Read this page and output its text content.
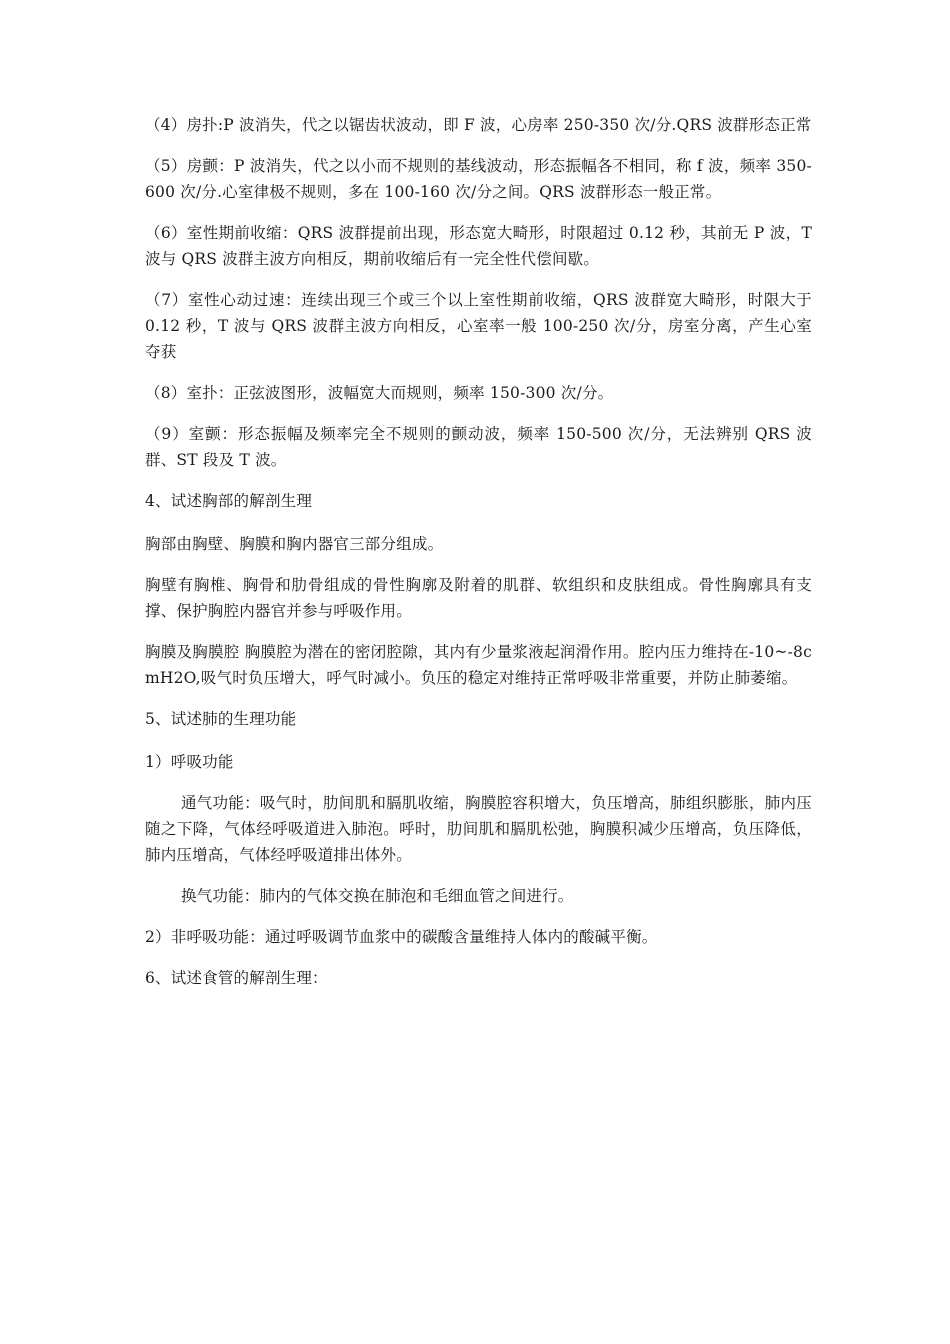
（4）房扑:P 波消失，代之以锯齿状波动，即 F 波，心房率 250-350 次/分.QRS 波群形态正常

（5）房颤：P 波消失，代之以小而不规则的基线波动，形态振幅各不相同，称 f 波，频率 350-600 次/分.心室律极不规则，多在 100-160 次/分之间。QRS 波群形态一般正常。

（6）室性期前收缩：QRS 波群提前出现，形态宽大畸形，时限超过 0.12 秒，其前无 P 波，T 波与 QRS 波群主波方向相反，期前收缩后有一完全性代偿间歇。

（7）室性心动过速：连续出现三个或三个以上室性期前收缩，QRS 波群宽大畸形，时限大于 0.12 秒，T 波与 QRS 波群主波方向相反，心室率一般 100-250 次/分，房室分离，产生心室夺获

（8）室扑：正弦波图形，波幅宽大而规则，频率 150-300 次/分。

（9）室颤：形态振幅及频率完全不规则的颤动波，频率 150-500 次/分，无法辨别 QRS 波群、ST 段及 T 波。

4、试述胸部的解剖生理

胸部由胸壁、胸膜和胸内器官三部分组成。

胸壁有胸椎、胸骨和肋骨组成的骨性胸廓及附着的肌群、软组织和皮肤组成。骨性胸廓具有支撑、保护胸腔内器官并参与呼吸作用。

胸膜及胸膜腔 胸膜腔为潜在的密闭腔隙，其内有少量浆液起润滑作用。腔内压力维持在-10~-8cmH2O,吸气时负压增大，呼气时减小。负压的稳定对维持正常呼吸非常重要，并防止肺萎缩。

5、试述肺的生理功能

1）呼吸功能

通气功能：吸气时，肋间肌和膈肌收缩，胸膜腔容积增大，负压增高，肺组织膨胀，肺内压随之下降，气体经呼吸道进入肺泡。呼时，肋间肌和膈肌松弛，胸膜积减少压增高，负压降低，肺内压增高，气体经呼吸道排出体外。

换气功能：肺内的气体交换在肺泡和毛细血管之间进行。

2）非呼吸功能：通过呼吸调节血浆中的碳酸含量维持人体内的酸碱平衡。

6、试述食管的解剖生理：
